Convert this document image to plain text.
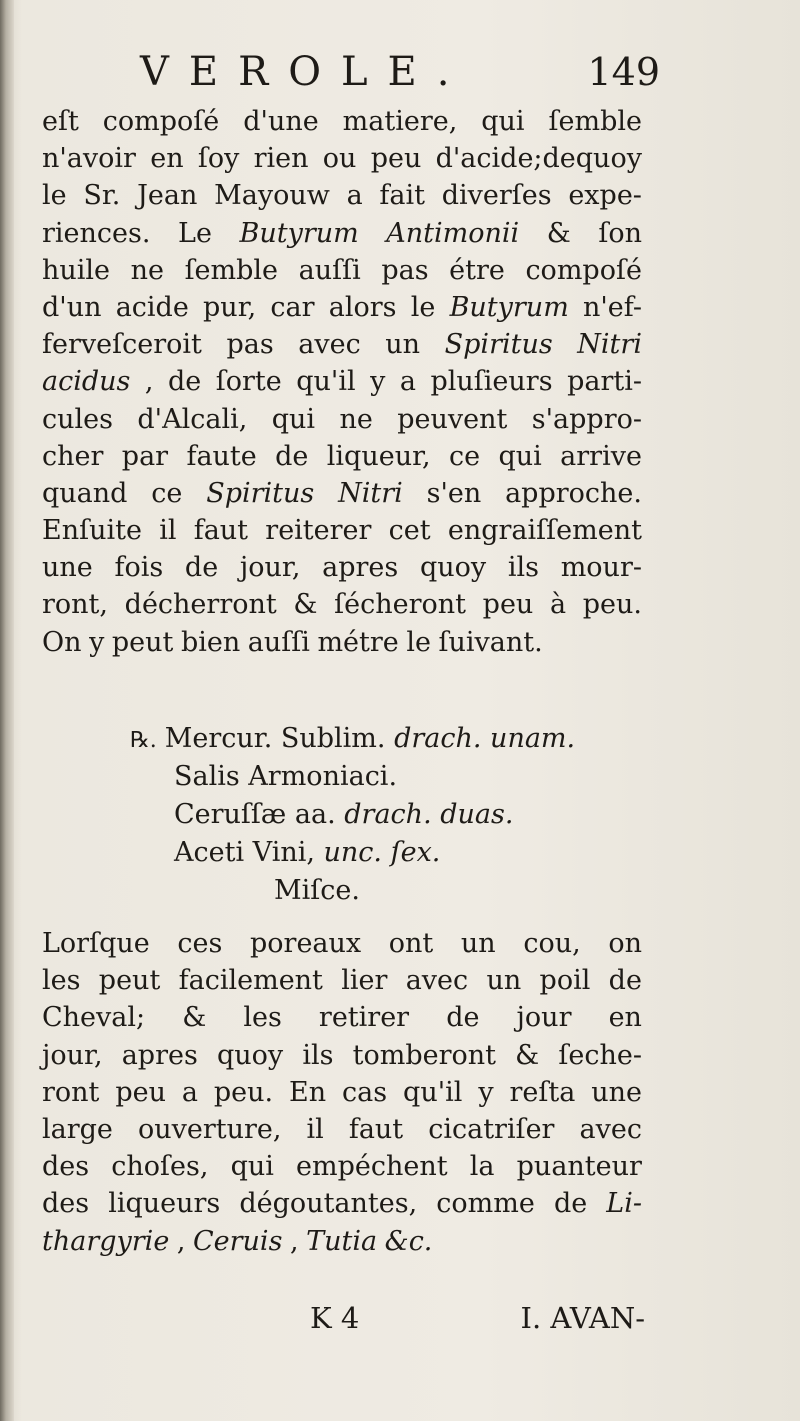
VEROLE.	149
eſt compoſé d'une matiere, qui ſemble
n'avoir en ſoy rien ou peu d'acide;dequoy
le Sr. Jean Mayouw a fait diverſes expe-
riences. Le Butyrum Antimonii & ſon
huile ne ſemble auſſi pas étre compoſé
d'un acide pur, car alors le Butyrum n'ef-
ferveſceroit pas avec un Spiritus Nitri
acidus , de ſorte qu'il y a pluſieurs parti-
cules d'Alcali, qui ne peuvent s'appro-
cher par faute de liqueur, ce qui arrive
quand ce Spiritus Nitri s'en approche.
Enſuite il faut reiterer cet engraiſſement
une fois de jour, apres quoy ils mour-
ront, décherront & ſécheront peu à peu.
On y peut bien auſſi métre le ſuivant.
℞. Mercur. Sublim. drach. unam.
Salis Armoniaci.
Ceruſſæ aa. drach. duas.
Aceti Vini, unc. ſex.
Miſce.
Lorſque ces poreaux ont un cou, on
les peut facilement lier avec un poil de
Cheval; & les retirer de jour en
jour, apres quoy ils tomberont & ſeche-
ront peu a peu. En cas qu'il y reſta une
large ouverture, il faut cicatriſer avec
des choſes, qui empéchent la puanteur
des liqueurs dégoutantes, comme de Li-
thargyrie , Ceruis , Tutia &c.
K 4	I. AVAN-
